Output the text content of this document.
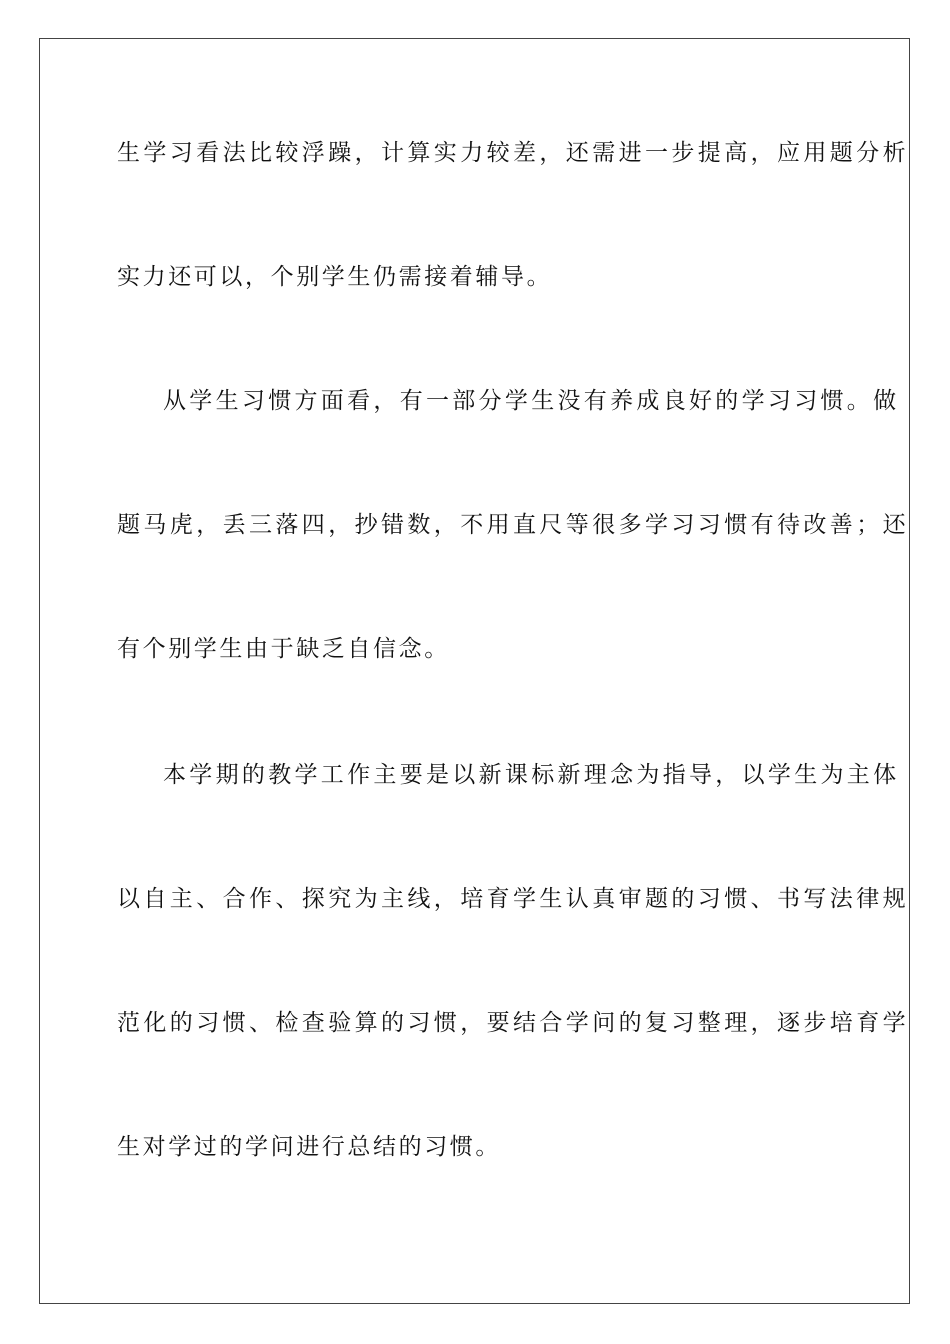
生学习看法比较浮躁，计算实力较差，还需进一步提高，应用题分析
实力还可以，个别学生仍需接着辅导。
从学生习惯方面看，有一部分学生没有养成良好的学习习惯。做
题马虎，丢三落四，抄错数，不用直尺等很多学习习惯有待改善；还
有个别学生由于缺乏自信念。
本学期的教学工作主要是以新课标新理念为指导，以学生为主体
以自主、合作、探究为主线，培育学生认真审题的习惯、书写法律规
范化的习惯、检查验算的习惯，要结合学问的复习整理，逐步培育学
生对学过的学问进行总结的习惯。
